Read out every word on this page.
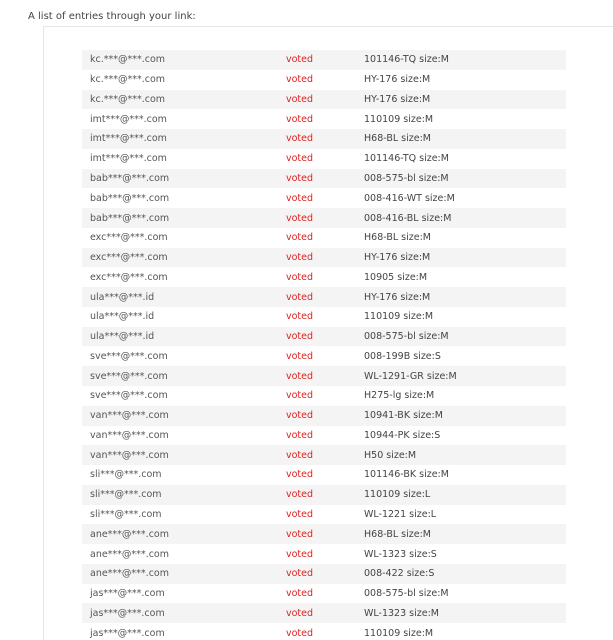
A list of entries through your link:

kc.***@***.com	voted	101146-TQ size:M
kc.***@***.com	voted	HY-176 size:M
kc.***@***.com	voted	HY-176 size:M
imt***@***.com	voted	110109 size:M
imt***@***.com	voted	H68-BL size:M
imt***@***.com	voted	101146-TQ size:M
bab***@***.com	voted	008-575-bl size:M
bab***@***.com	voted	008-416-WT size:M
bab***@***.com	voted	008-416-BL size:M
exc***@***.com	voted	H68-BL size:M
exc***@***.com	voted	HY-176 size:M
exc***@***.com	voted	10905 size:M
ula***@***.id	voted	HY-176 size:M
ula***@***.id	voted	110109 size:M
ula***@***.id	voted	008-575-bl size:M
sve***@***.com	voted	008-199B size:S
sve***@***.com	voted	WL-1291-GR size:M
sve***@***.com	voted	H275-lg size:M
van***@***.com	voted	10941-BK size:M
van***@***.com	voted	10944-PK size:S
van***@***.com	voted	H50 size:M
sli***@***.com	voted	101146-BK size:M
sli***@***.com	voted	110109 size:L
sli***@***.com	voted	WL-1221 size:L
ane***@***.com	voted	H68-BL size:M
ane***@***.com	voted	WL-1323 size:S
ane***@***.com	voted	008-422 size:S
jas***@***.com	voted	008-575-bl size:M
jas***@***.com	voted	WL-1323 size:M
jas***@***.com	voted	110109 size:M
